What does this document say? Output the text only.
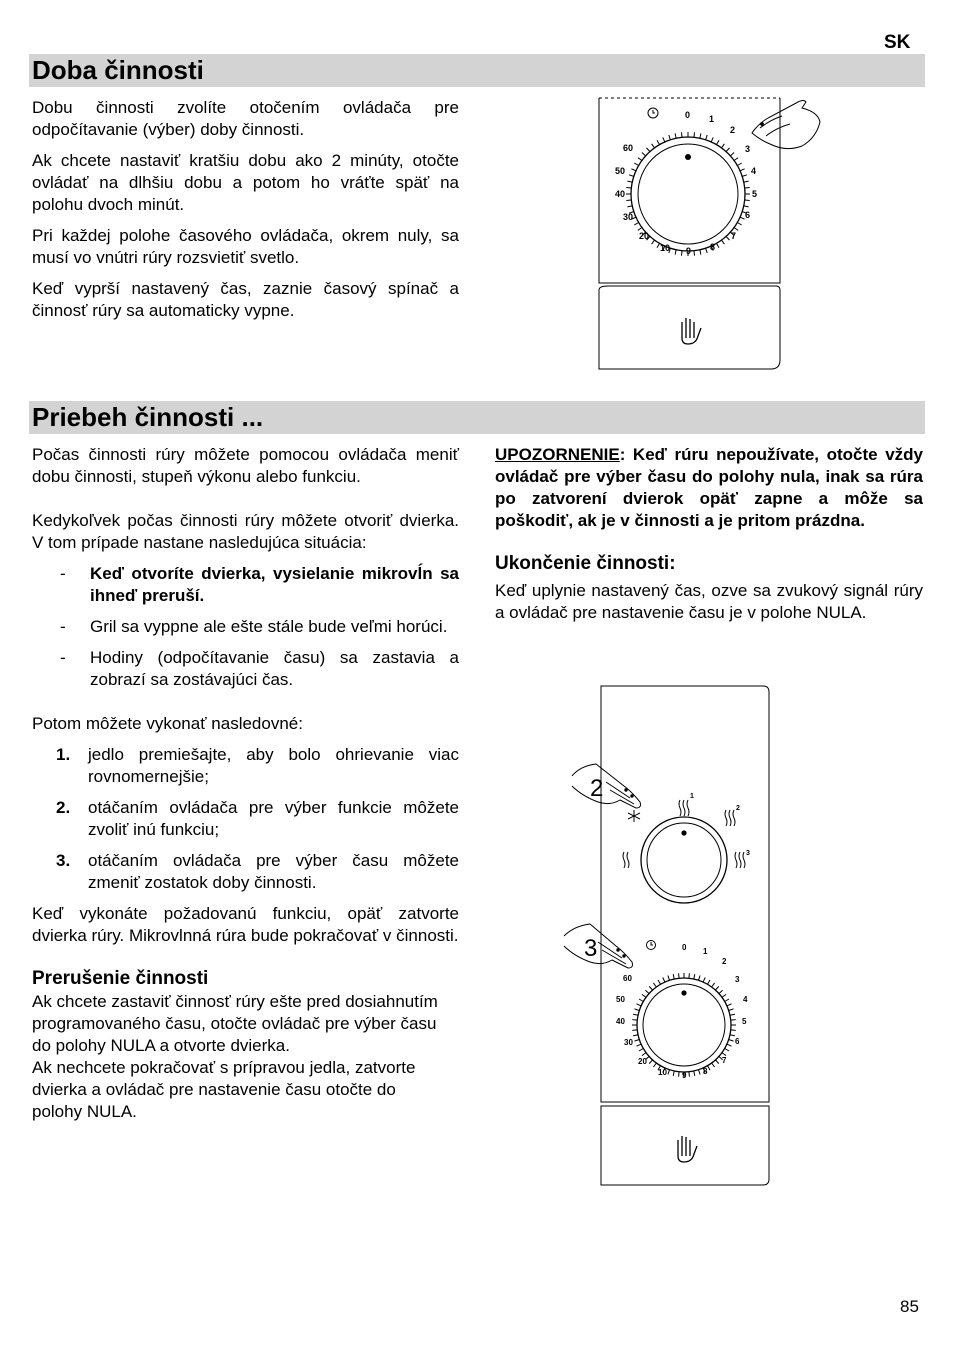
SK
Doba činnosti

Dobu činnosti zvolíte otočením ovládača pre odpočítavanie (výber) doby činnosti.

Ak chcete nastaviť kratšiu dobu ako 2 minúty, otočte ovládať na dlhšiu dobu a potom ho vráťte späť na polohu dvoch minút.

Pri každej polohe časového ovládača, okrem nuly, sa musí vo vnútri rúry rozsvietiť svetlo.

Keď vyprší nastavený čas, zaznie časový spínač a činnosť rúry sa automaticky vypne.

0 1
2
3
4
5
6
7
8
9
10
20
30
40
50
60
Priebeh činnosti ...

Počas činnosti rúry môžete pomocou ovládača meniť dobu činnosti, stupeň výkonu alebo funkciu.

Kedykoľvek počas činnosti rúry môžete otvoriť dvierka. V tom prípade nastane nasledujúca situácia:

- Keď otvoríte dvierka, vysielanie mikrovĺn sa ihneď preruší.
- Gril sa vyppne ale ešte stále bude veľmi horúci.
- Hodiny (odpočítavanie času) sa zastavia a zobrazí sa zostávajúci čas.

Potom môžete vykonať nasledovné:

1. jedlo premiešajte, aby bolo ohrievanie viac rovnomernejšie;
2. otáčaním ovládača pre výber funkcie môžete zvoliť inú funkciu;
3. otáčaním ovládača pre výber času môžete zmeniť zostatok doby činnosti.

Keď vykonáte požadovanú funkciu, opäť zatvorte dvierka rúry. Mikrovlnná rúra bude pokračovať v činnosti.

Prerušenie činnosti
Ak chcete zastaviť činnosť rúry ešte pred dosiahnutím programovaného času, otočte ovládač pre výber času do polohy NULA a otvorte dvierka.
Ak nechcete pokračovať s prípravou jedla, zatvorte dvierka a ovládač pre nastavenie času otočte do polohy NULA.

UPOZORNENIE: Keď rúru nepoužívate, otočte vždy ovládač pre výber času do polohy nula, inak sa rúra po zatvorení dvierok opäť zapne a môže sa poškodiť, ak je v činnosti a je pritom prázdna.

Ukončenie činnosti:

Keď uplynie nastavený čas, ozve sa zvukový signál rúry a ovládač pre nastavenie času je v polohe NULA.

1
2
3
0 1
2
3
4
5
6
7
8
9
10
20
30
40
50
60
2
3
85
